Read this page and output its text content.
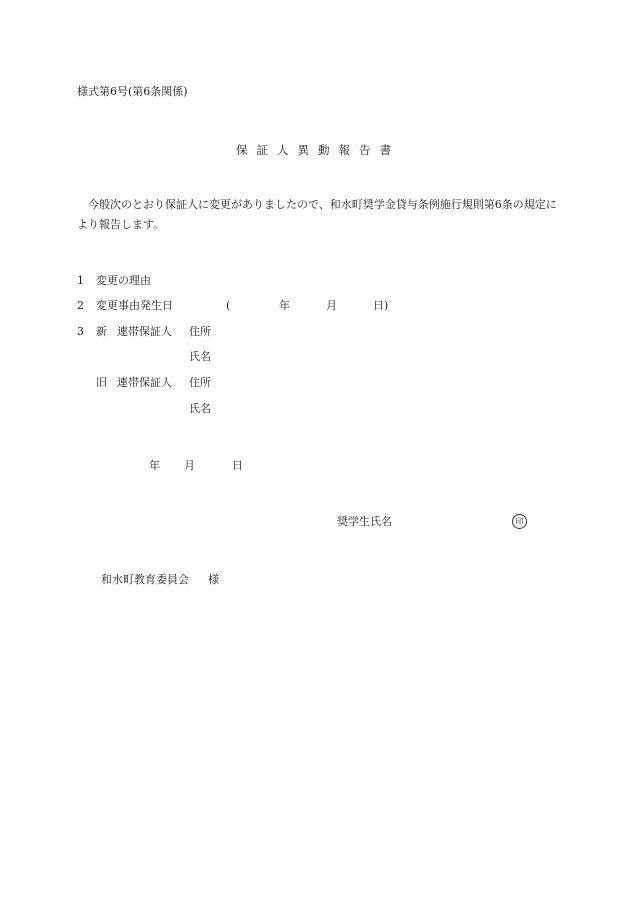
様式第6号(第6条関係)
保証人異動報告書
今般次のとおり保証人に変更がありましたので、和水町奨学金貸与条例施行規則第6条の規定により報告します。
1 変更の理由
2 変更事由発生日	(	年	月	日)
3 新 連帯保証人 住所
氏名
旧 連帯保証人 住所
氏名
年 月	日
奨学生氏名	印
和水町教育委員会 様
